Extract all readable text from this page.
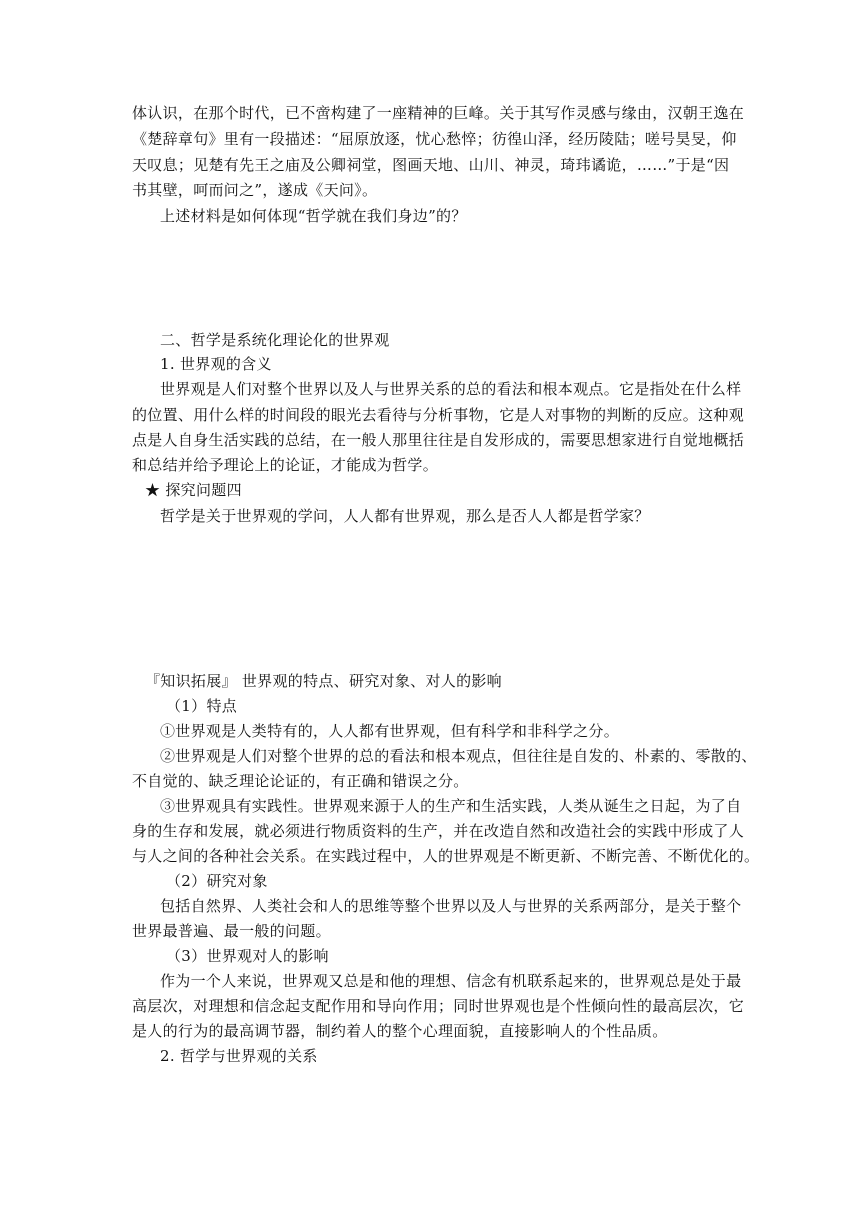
体认识，在那个时代，已不啻构建了一座精神的巨峰。关于其写作灵感与缘由，汉朝王逸在
《楚辞章句》里有一段描述：“屈原放逐，忧心愁悴；彷徨山泽，经历陵陆；嗟号昊旻，仰
天叹息；见楚有先王之庙及公卿祠堂，图画天地、山川、神灵，琦玮谲诡，……”于是“因
书其壁，呵而问之”，遂成《天问》。
上述材料是如何体现“哲学就在我们身边”的？
二、哲学是系统化理论化的世界观
1. 世界观的含义
世界观是人们对整个世界以及人与世界关系的总的看法和根本观点。它是指处在什么样
的位置、用什么样的时间段的眼光去看待与分析事物，它是人对事物的判断的反应。这种观
点是人自身生活实践的总结，在一般人那里往往是自发形成的，需要思想家进行自觉地概括
和总结并给予理论上的论证，才能成为哲学。
★ 探究问题四
哲学是关于世界观的学问，人人都有世界观，那么是否人人都是哲学家？
『知识拓展』 世界观的特点、研究对象、对人的影响
（1）特点
①世界观是人类特有的，人人都有世界观，但有科学和非科学之分。
②世界观是人们对整个世界的总的看法和根本观点，但往往是自发的、朴素的、零散的、
不自觉的、缺乏理论论证的，有正确和错误之分。
③世界观具有实践性。世界观来源于人的生产和生活实践，人类从诞生之日起，为了自
身的生存和发展，就必须进行物质资料的生产，并在改造自然和改造社会的实践中形成了人
与人之间的各种社会关系。在实践过程中，人的世界观是不断更新、不断完善、不断优化的。
（2）研究对象
包括自然界、人类社会和人的思维等整个世界以及人与世界的关系两部分，是关于整个
世界最普遍、最一般的问题。
（3）世界观对人的影响
作为一个人来说，世界观又总是和他的理想、信念有机联系起来的，世界观总是处于最
高层次，对理想和信念起支配作用和导向作用；同时世界观也是个性倾向性的最高层次，它
是人的行为的最高调节器，制约着人的整个心理面貌，直接影响人的个性品质。
2. 哲学与世界观的关系
